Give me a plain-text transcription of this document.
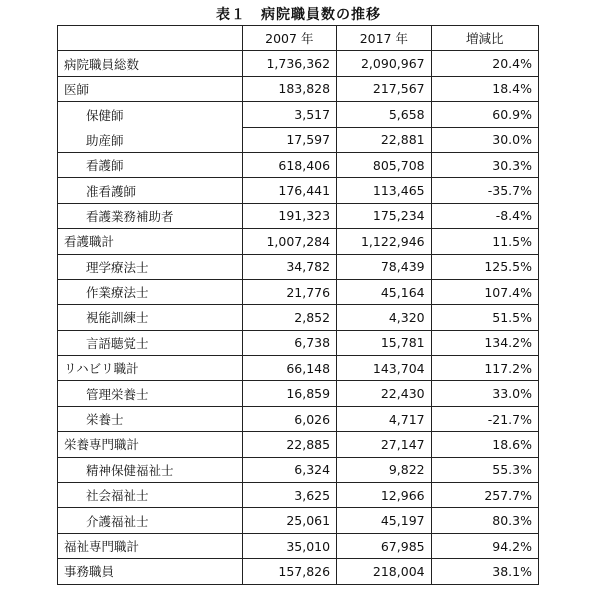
表１　病院職員数の推移
	2007 年	2017 年	増減比
病院職員総数	1,736,362	2,090,967	20.4%
医師	183,828	217,567	18.4%
保健師	3,517	5,658	60.9%
助産師	17,597	22,881	30.0%
看護師	618,406	805,708	30.3%
准看護師	176,441	113,465	-35.7%
看護業務補助者	191,323	175,234	-8.4%
看護職計	1,007,284	1,122,946	11.5%
理学療法士	34,782	78,439	125.5%
作業療法士	21,776	45,164	107.4%
視能訓練士	2,852	4,320	51.5%
言語聴覚士	6,738	15,781	134.2%
リハビリ職計	66,148	143,704	117.2%
管理栄養士	16,859	22,430	33.0%
栄養士	6,026	4,717	-21.7%
栄養専門職計	22,885	27,147	18.6%
精神保健福祉士	6,324	9,822	55.3%
社会福祉士	3,625	12,966	257.7%
介護福祉士	25,061	45,197	80.3%
福祉専門職計	35,010	67,985	94.2%
事務職員	157,826	218,004	38.1%
